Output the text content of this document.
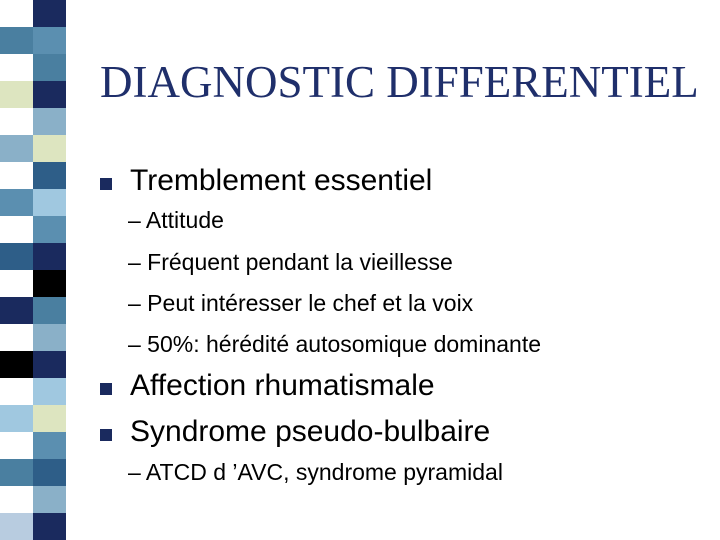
DIAGNOSTIC DIFFERENTIEL
Tremblement essentiel
– Attitude
– Fréquent pendant la vieillesse
– Peut intéresser le chef et la voix
– 50%: hérédité autosomique dominante
Affection rhumatismale
Syndrome pseudo-bulbaire
– ATCD d ’AVC, syndrome pyramidal
